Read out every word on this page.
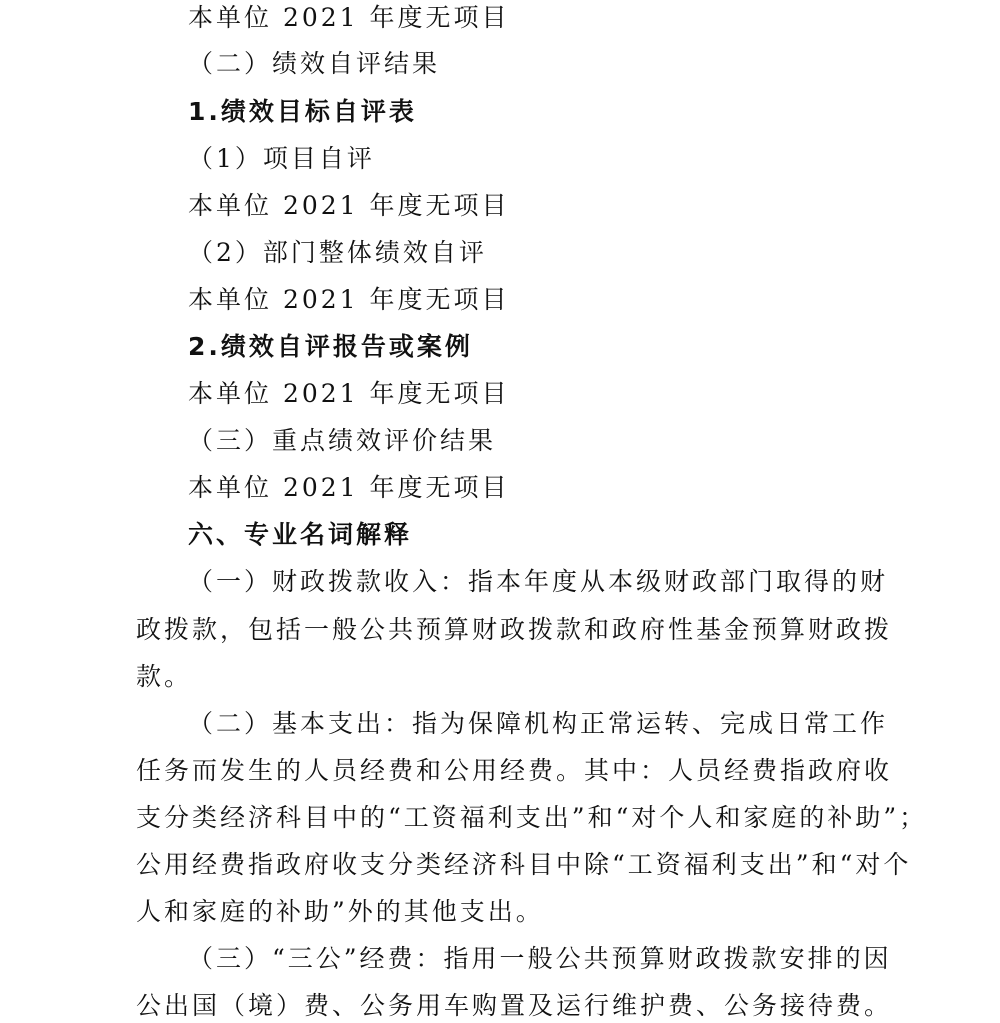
本单位 2021 年度无项目
（二）绩效自评结果
1.绩效目标自评表
（1）项目自评
本单位 2021 年度无项目
（2）部门整体绩效自评
本单位 2021 年度无项目
2.绩效自评报告或案例
本单位 2021 年度无项目
（三）重点绩效评价结果
本单位 2021 年度无项目
六、专业名词解释
（一）财政拨款收入：指本年度从本级财政部门取得的财
政拨款，包括一般公共预算财政拨款和政府性基金预算财政拨
款。
（二）基本支出：指为保障机构正常运转、完成日常工作
任务而发生的人员经费和公用经费。其中：人员经费指政府收
支分类经济科目中的“工资福利支出”和“对个人和家庭的补助”；
公用经费指政府收支分类经济科目中除“工资福利支出”和“对个
人和家庭的补助”外的其他支出。
（三）“三公”经费：指用一般公共预算财政拨款安排的因
公出国（境）费、公务用车购置及运行维护费、公务接待费。
